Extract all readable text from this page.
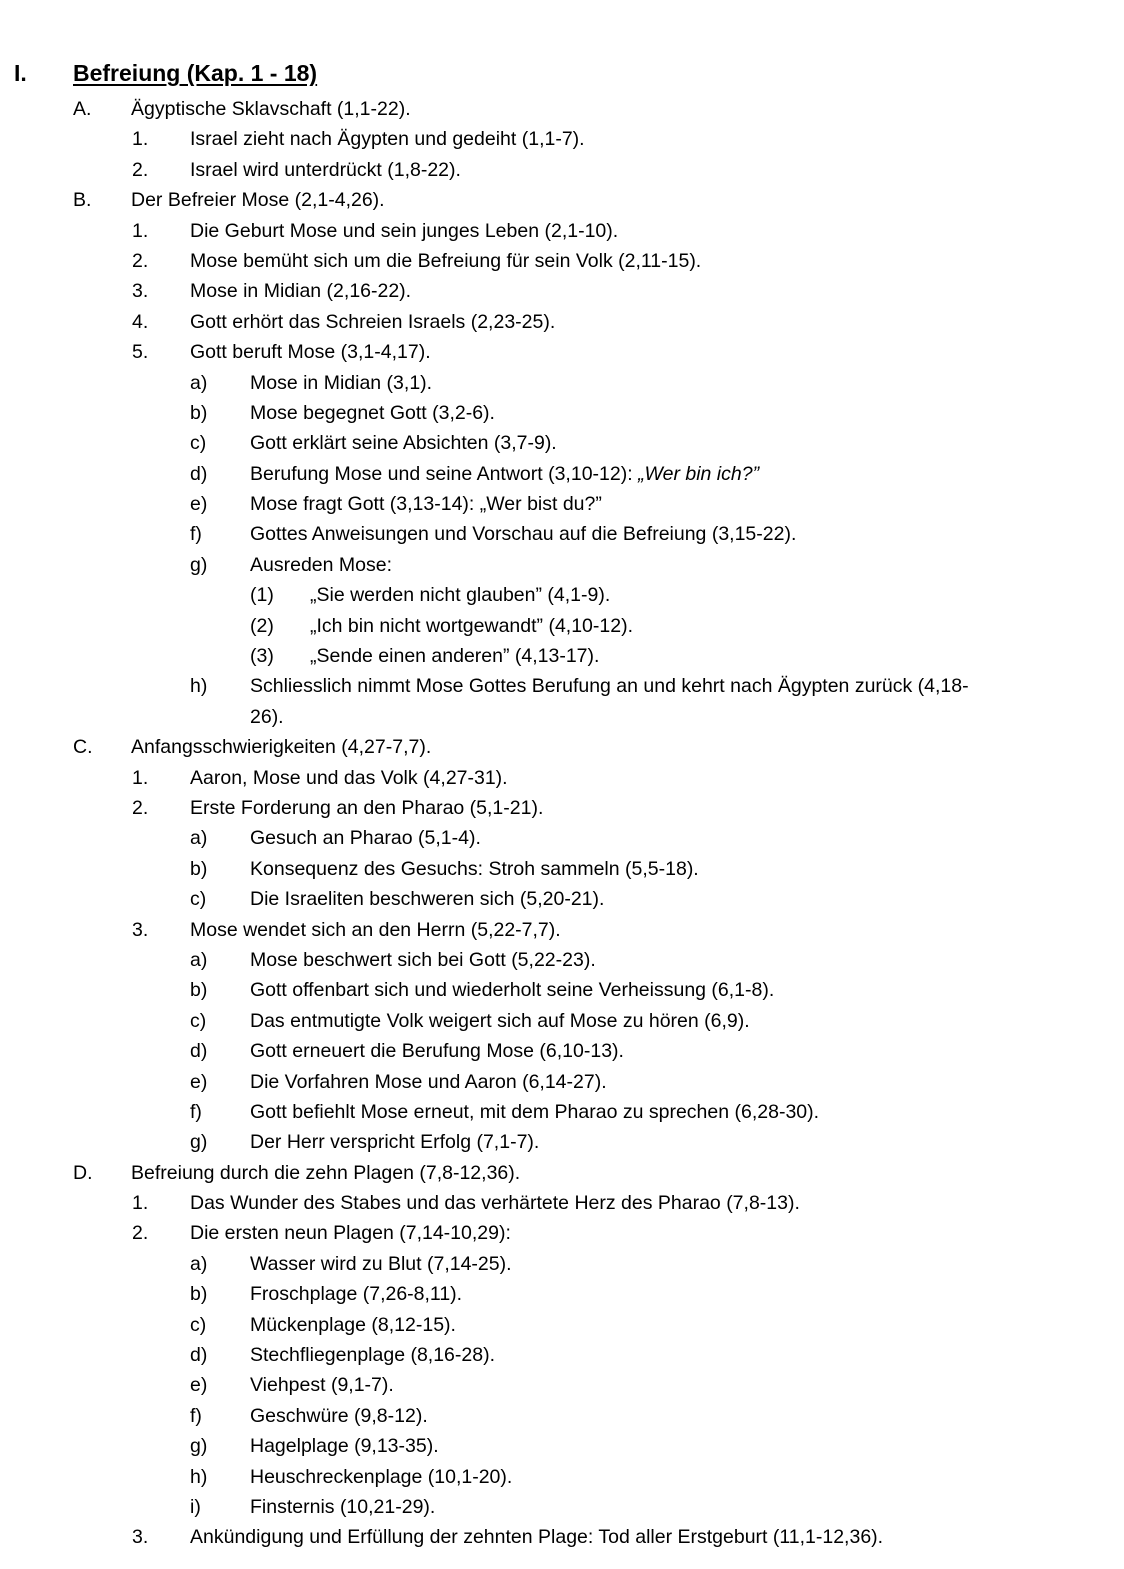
I. Befreiung (Kap. 1 - 18)
A. Ägyptische Sklavschaft (1,1-22).
1. Israel zieht nach Ägypten und gedeiht (1,1-7).
2. Israel wird unterdrückt (1,8-22).
B. Der Befreier Mose (2,1-4,26).
1. Die Geburt Mose und sein junges Leben (2,1-10).
2. Mose bemüht sich um die Befreiung für sein Volk (2,11-15).
3. Mose in Midian (2,16-22).
4. Gott erhört das Schreien Israels (2,23-25).
5. Gott beruft Mose (3,1-4,17).
a) Mose in Midian (3,1).
b) Mose begegnet Gott (3,2-6).
c) Gott erklärt seine Absichten (3,7-9).
d) Berufung Mose und seine Antwort (3,10-12): „Wer bin ich?”
e) Mose fragt Gott (3,13-14): „Wer bist du?”
f) Gottes Anweisungen und Vorschau auf die Befreiung (3,15-22).
g) Ausreden Mose:
(1) „Sie werden nicht glauben” (4,1-9).
(2) „Ich bin nicht wortgewandt” (4,10-12).
(3) „Sende einen anderen” (4,13-17).
h) Schliesslich nimmt Mose Gottes Berufung an und kehrt nach Ägypten zurück (4,18-
26).
C. Anfangsschwierigkeiten (4,27-7,7).
1. Aaron, Mose und das Volk (4,27-31).
2. Erste Forderung an den Pharao (5,1-21).
a) Gesuch an Pharao (5,1-4).
b) Konsequenz des Gesuchs: Stroh sammeln (5,5-18).
c) Die Israeliten beschweren sich (5,20-21).
3. Mose wendet sich an den Herrn (5,22-7,7).
a) Mose beschwert sich bei Gott (5,22-23).
b) Gott offenbart sich und wiederholt seine Verheissung (6,1-8).
c) Das entmutigte Volk weigert sich auf Mose zu hören (6,9).
d) Gott erneuert die Berufung Mose (6,10-13).
e) Die Vorfahren Mose und Aaron (6,14-27).
f) Gott befiehlt Mose erneut, mit dem Pharao zu sprechen (6,28-30).
g) Der Herr verspricht Erfolg (7,1-7).
D. Befreiung durch die zehn Plagen (7,8-12,36).
1. Das Wunder des Stabes und das verhärtete Herz des Pharao (7,8-13).
2. Die ersten neun Plagen (7,14-10,29):
a) Wasser wird zu Blut (7,14-25).
b) Froschplage (7,26-8,11).
c) Mückenplage (8,12-15).
d) Stechfliegenplage (8,16-28).
e) Viehpest (9,1-7).
f) Geschwüre (9,8-12).
g) Hagelplage (9,13-35).
h) Heuschreckenplage (10,1-20).
i)	Finsternis (10,21-29).
3. Ankündigung und Erfüllung der zehnten Plage: Tod aller Erstgeburt (11,1-12,36).
